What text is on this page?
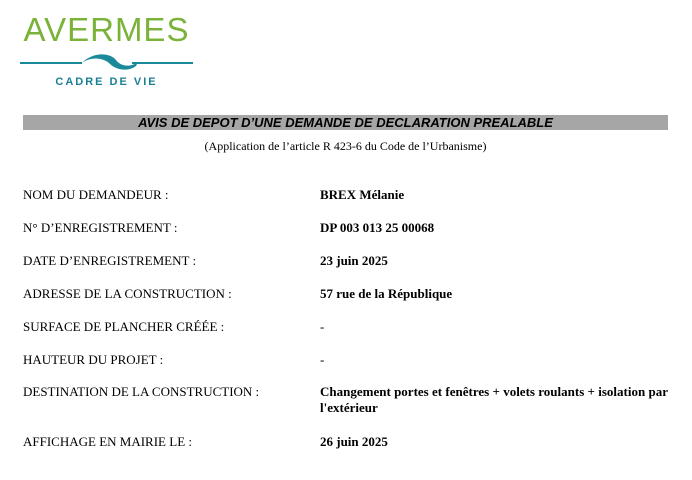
AVERMES
CADRE DE VIE
AVIS DE DEPOT D’UNE DEMANDE DE DECLARATION PREALABLE
(Application de l’article R 423-6 du Code de l’Urbanisme)
NOM DU DEMANDEUR :	BREX Mélanie
N° D’ENREGISTREMENT :	DP 003 013 25 00068
DATE D’ENREGISTREMENT :	23 juin 2025
ADRESSE DE LA CONSTRUCTION :	57 rue de la République
SURFACE DE PLANCHER CRÉÉE :	-
HAUTEUR DU PROJET :	-
DESTINATION DE LA CONSTRUCTION :	Changement portes et fenêtres + volets roulants + isolation par l'extérieur
AFFICHAGE EN MAIRIE LE :	26 juin 2025
